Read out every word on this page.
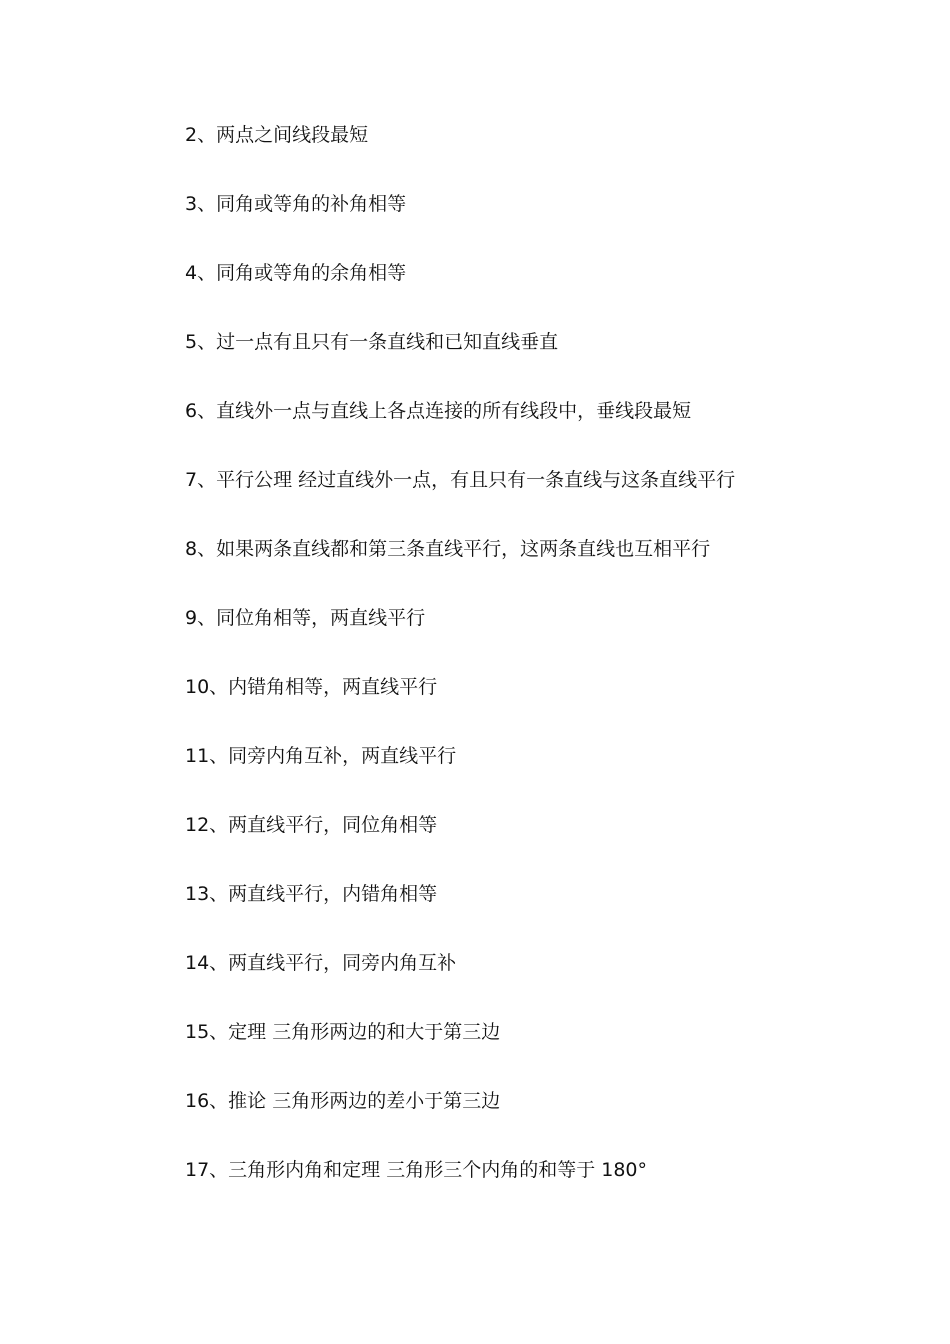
2、两点之间线段最短
3、同角或等角的补角相等
4、同角或等角的余角相等
5、过一点有且只有一条直线和已知直线垂直
6、直线外一点与直线上各点连接的所有线段中，垂线段最短
7、平行公理 经过直线外一点，有且只有一条直线与这条直线平行
8、如果两条直线都和第三条直线平行，这两条直线也互相平行
9、同位角相等，两直线平行
10、内错角相等，两直线平行
11、同旁内角互补，两直线平行
12、两直线平行，同位角相等
13、两直线平行，内错角相等
14、两直线平行，同旁内角互补
15、定理 三角形两边的和大于第三边
16、推论 三角形两边的差小于第三边
17、三角形内角和定理 三角形三个内角的和等于 180°
